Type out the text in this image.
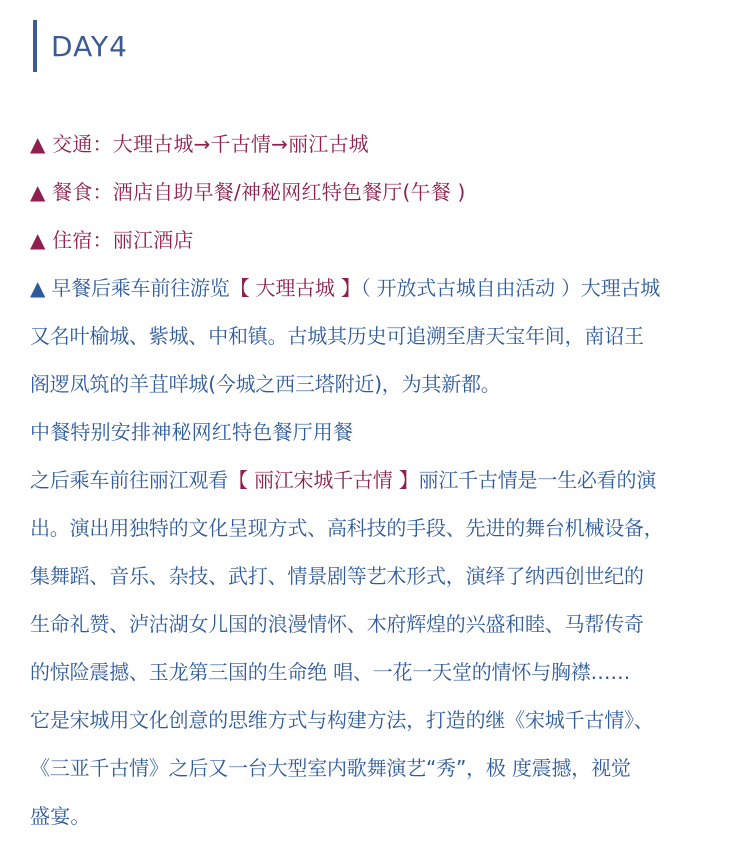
DAY4
▲ 交通：大理古城→千古情→丽江古城
▲ 餐食：酒店自助早餐/神秘网红特色餐厅(午餐 )
▲ 住宿：丽江酒店
▲ 早餐后乘车前往游览【 大理古城 】（ 开放式古城自由活动 ）大理古城
又名叶榆城、紫城、中和镇。古城其历史可追溯至唐天宝年间，南诏王
阁逻凤筑的羊苴咩城(今城之西三塔附近)，为其新都。
中餐特别安排神秘网红特色餐厅用餐
之后乘车前往丽江观看【 丽江宋城千古情 】丽江千古情是一生必看的演
出。演出用独特的文化呈现方式、高科技的手段、先进的舞台机械设备，
集舞蹈、音乐、杂技、武打、情景剧等艺术形式，演绎了纳西创世纪的
生命礼赞、泸沽湖女儿国的浪漫情怀、木府辉煌的兴盛和睦、马帮传奇
的惊险震撼、玉龙第三国的生命绝 唱、一花一天堂的情怀与胸襟……
它是宋城用文化创意的思维方式与构建方法，打造的继《宋城千古情》、
《三亚千古情》之后又一台大型室内歌舞演艺“秀”，极 度震撼，视觉
盛宴。
